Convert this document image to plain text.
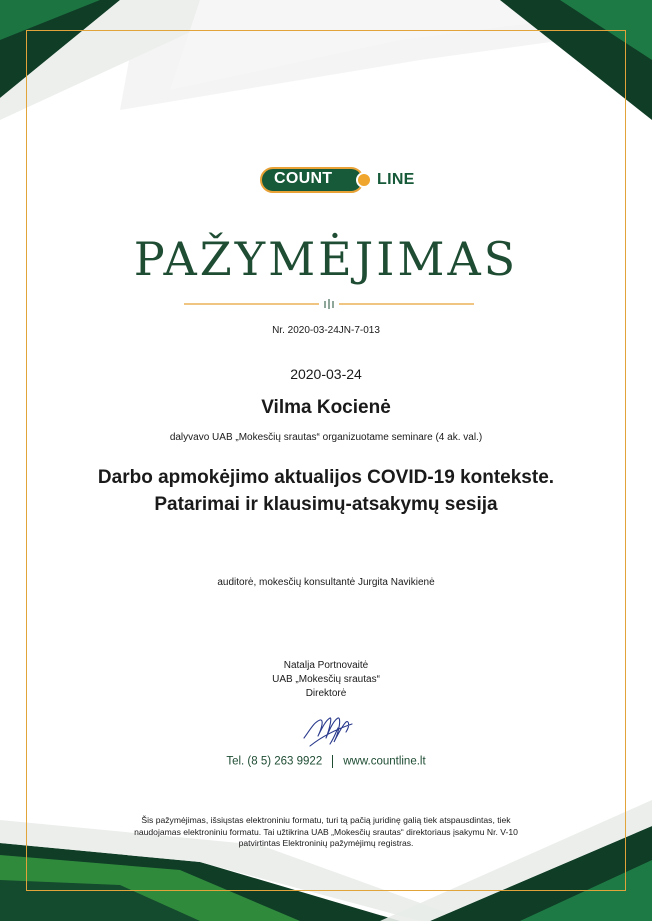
COUNT	LINE
PAŽYMĖJIMAS
Nr. 2020-03-24JN-7-013
2020-03-24
Vilma Kocienė
dalyvavo UAB „Mokesčių srautas“ organizuotame seminare (4 ak. val.)
Darbo apmokėjimo aktualijos COVID-19 kontekste.
Patarimai ir klausimų-atsakymų sesija
auditorė, mokesčių konsultantė Jurgita Navikienė
Natalja Portnovaitė
UAB „Mokesčių srautas“
Direktorė
Tel. (8 5) 263 9922 www.countline.lt
Šis pažymėjimas, išsiųstas elektroniniu formatu, turi tą pačią juridinę galią tiek atspausdintas, tiek
naudojamas elektroniniu formatu. Tai užtikrina UAB „Mokesčių srautas“ direktoriaus įsakymu Nr. V-10
patvirtintas Elektroninių pažymėjimų registras.
